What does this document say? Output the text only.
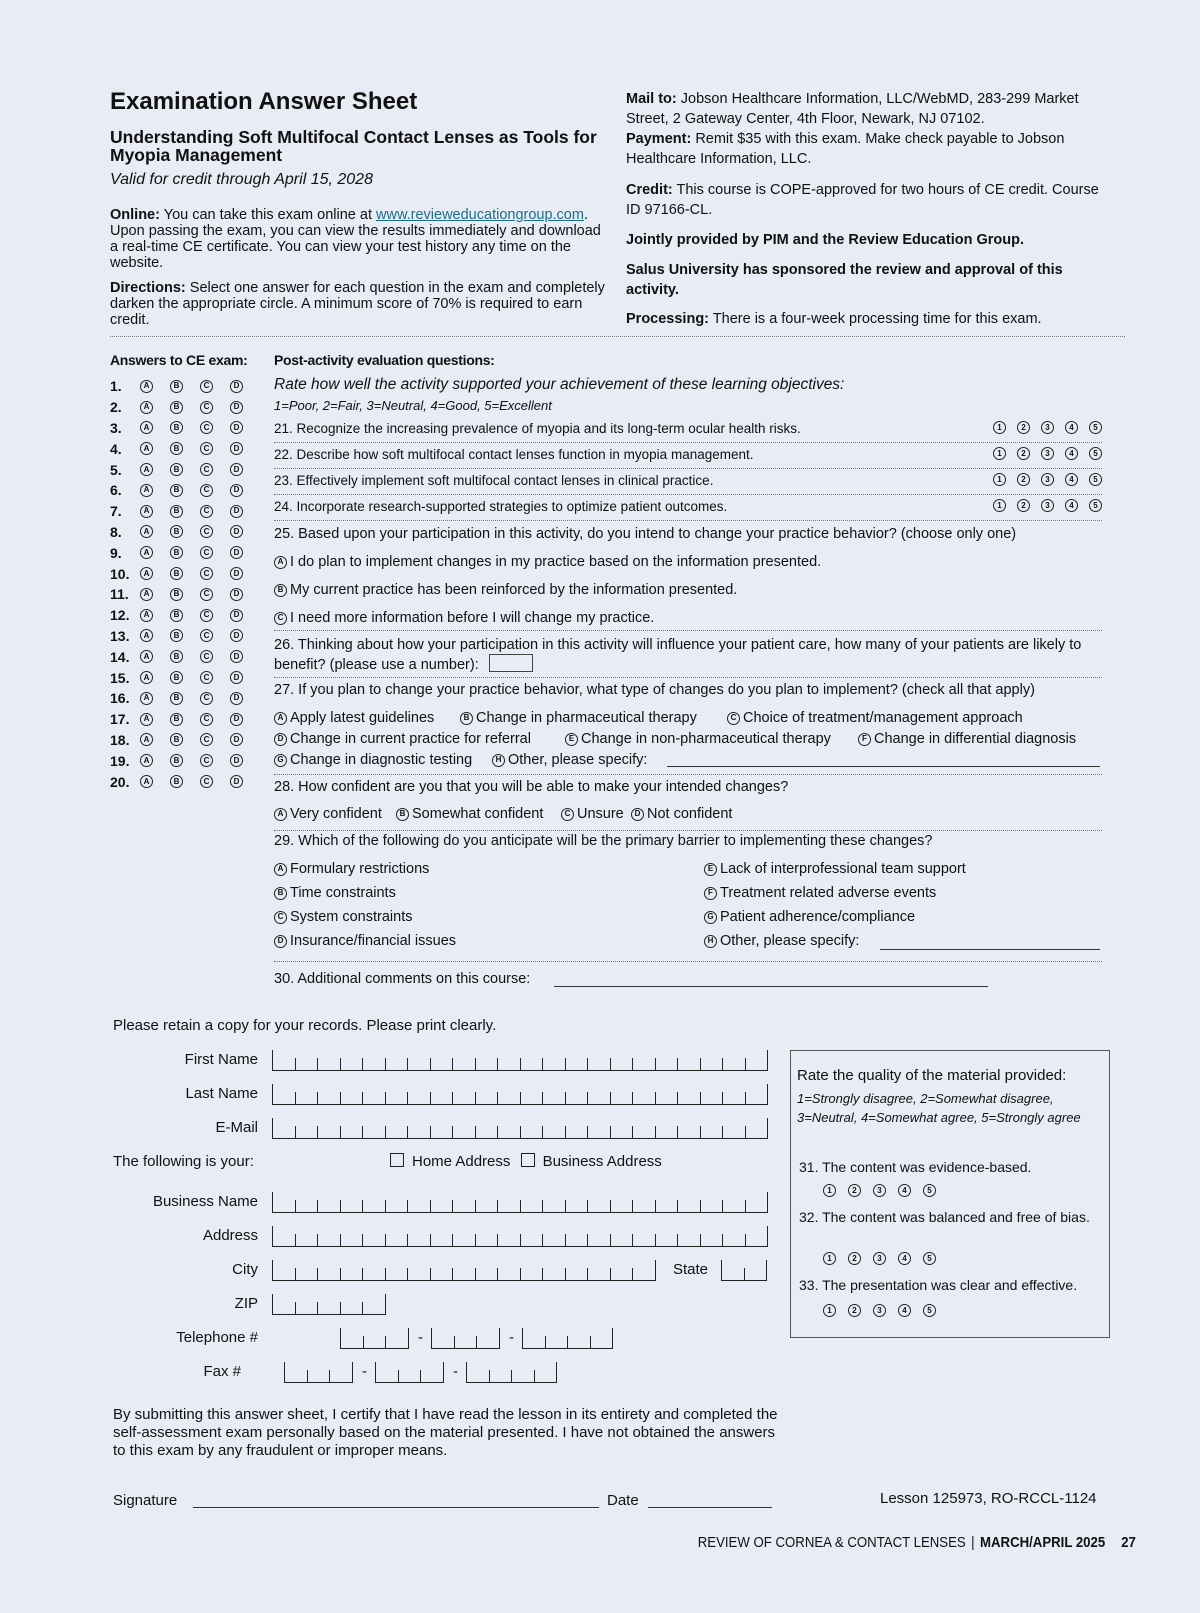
Examination Answer Sheet
Understanding Soft Multifocal Contact Lenses as Tools for Myopia Management
Valid for credit through April 15, 2028
Online: You can take this exam online at www.revieweducationgroup.com. Upon passing the exam, you can view the results immediately and download a real-time CE certificate. You can view your test history any time on the website.
Directions: Select one answer for each question in the exam and completely darken the appropriate circle. A minimum score of 70% is required to earn credit.
Mail to: Jobson Healthcare Information, LLC/WebMD, 283-299 Market Street, 2 Gateway Center, 4th Floor, Newark, NJ 07102.
Payment: Remit $35 with this exam. Make check payable to Jobson Healthcare Information, LLC.
Credit: This course is COPE-approved for two hours of CE credit. Course ID 97166-CL.
Jointly provided by PIM and the Review Education Group.
Salus University has sponsored the review and approval of this activity.
Processing: There is a four-week processing time for this exam.
Answers to CE exam:
1.	A	B	C	D
2.	A	B	C	D
3.	A	B	C	D
4.	A	B	C	D
5.	A	B	C	D
6.	A	B	C	D
7.	A	B	C	D
8.	A	B	C	D
9.	A	B	C	D
10.	A	B	C	D
11.	A	B	C	D
12.	A	B	C	D
13.	A	B	C	D
14.	A	B	C	D
15.	A	B	C	D
16.	A	B	C	D
17.	A	B	C	D
18.	A	B	C	D
19.	A	B	C	D
20.	A	B	C	D
Post-activity evaluation questions:
Rate how well the activity supported your achievement of these learning objectives:
1=Poor, 2=Fair, 3=Neutral, 4=Good, 5=Excellent
21. Recognize the increasing prevalence of myopia and its long-term ocular health risks.	1	2	3	4	5
22. Describe how soft multifocal contact lenses function in myopia management.	1	2	3	4	5
23. Effectively implement soft multifocal contact lenses in clinical practice.	1	2	3	4	5
24. Incorporate research-supported strategies to optimize patient outcomes.	1	2	3	4	5
25. Based upon your participation in this activity, do you intend to change your practice behavior? (choose only one)
A I do plan to implement changes in my practice based on the information presented.
B My current practice has been reinforced by the information presented.
C I need more information before I will change my practice.
26. Thinking about how your participation in this activity will influence your patient care, how many of your patients are likely to benefit? (please use a number):
27. If you plan to change your practice behavior, what type of changes do you plan to implement? (check all that apply)
A Apply latest guidelines	B Change in pharmaceutical therapy	C Choice of treatment/management approach
D Change in current practice for referral	E Change in non-pharmaceutical therapy	F Change in differential diagnosis
G Change in diagnostic testing	H Other, please specify:
28. How confident are you that you will be able to make your intended changes?
A Very confident	B Somewhat confident	C Unsure	D Not confident
29. Which of the following do you anticipate will be the primary barrier to implementing these changes?
A Formulary restrictions
B Time constraints
C System constraints
D Insurance/financial issues
E Lack of interprofessional team support
F Treatment related adverse events
G Patient adherence/compliance
H Other, please specify:
30. Additional comments on this course:
Please retain a copy for your records. Please print clearly.
First Name
Last Name
E-Mail
The following is your:	Home Address Business Address
Business Name
Address
City	State
ZIP
Telephone #	-	-
Fax #	-	-
Rate the quality of the material provided:
1=Strongly disagree, 2=Somewhat disagree, 3=Neutral, 4=Somewhat agree, 5=Strongly agree
31. The content was evidence-based.
1	2	3	4	5
32. The content was balanced and free of bias.
1	2	3	4	5
33. The presentation was clear and effective.
1	2	3	4	5
By submitting this answer sheet, I certify that I have read the lesson in its entirety and completed the self-assessment exam personally based on the material presented. I have not obtained the answers to this exam by any fraudulent or improper means.
Signature	Date	Lesson 125973, RO-RCCL-1124
REVIEW OF CORNEA & CONTACT LENSES | MARCH/APRIL 2025 27
